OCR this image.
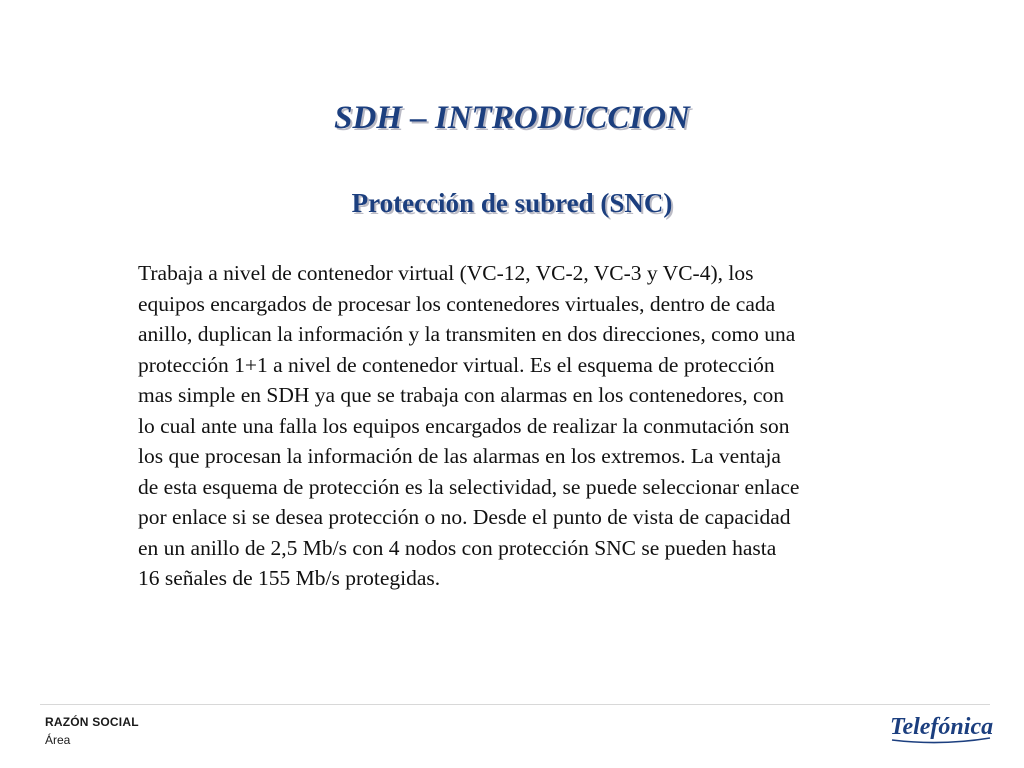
SDH – INTRODUCCION
Protección de subred (SNC)
Trabaja a nivel de contenedor virtual (VC-12, VC-2, VC-3 y VC-4), los
equipos encargados de procesar los contenedores virtuales, dentro de cada
anillo, duplican la información y la transmiten en dos direcciones, como una
protección 1+1 a nivel de contenedor virtual. Es el esquema de protección
mas simple en SDH ya que se trabaja con alarmas en los contenedores, con
lo cual ante una falla los equipos encargados de realizar la conmutación son
los que procesan la información de las alarmas en los extremos. La ventaja
de esta esquema de protección es la selectividad, se puede seleccionar enlace
por enlace si se desea protección o no. Desde el punto de vista de capacidad
en un anillo de 2,5 Mb/s con 4 nodos con protección SNC se pueden hasta
16 señales de 155 Mb/s protegidas.
RAZÓN SOCIAL
Área	Telefónica
